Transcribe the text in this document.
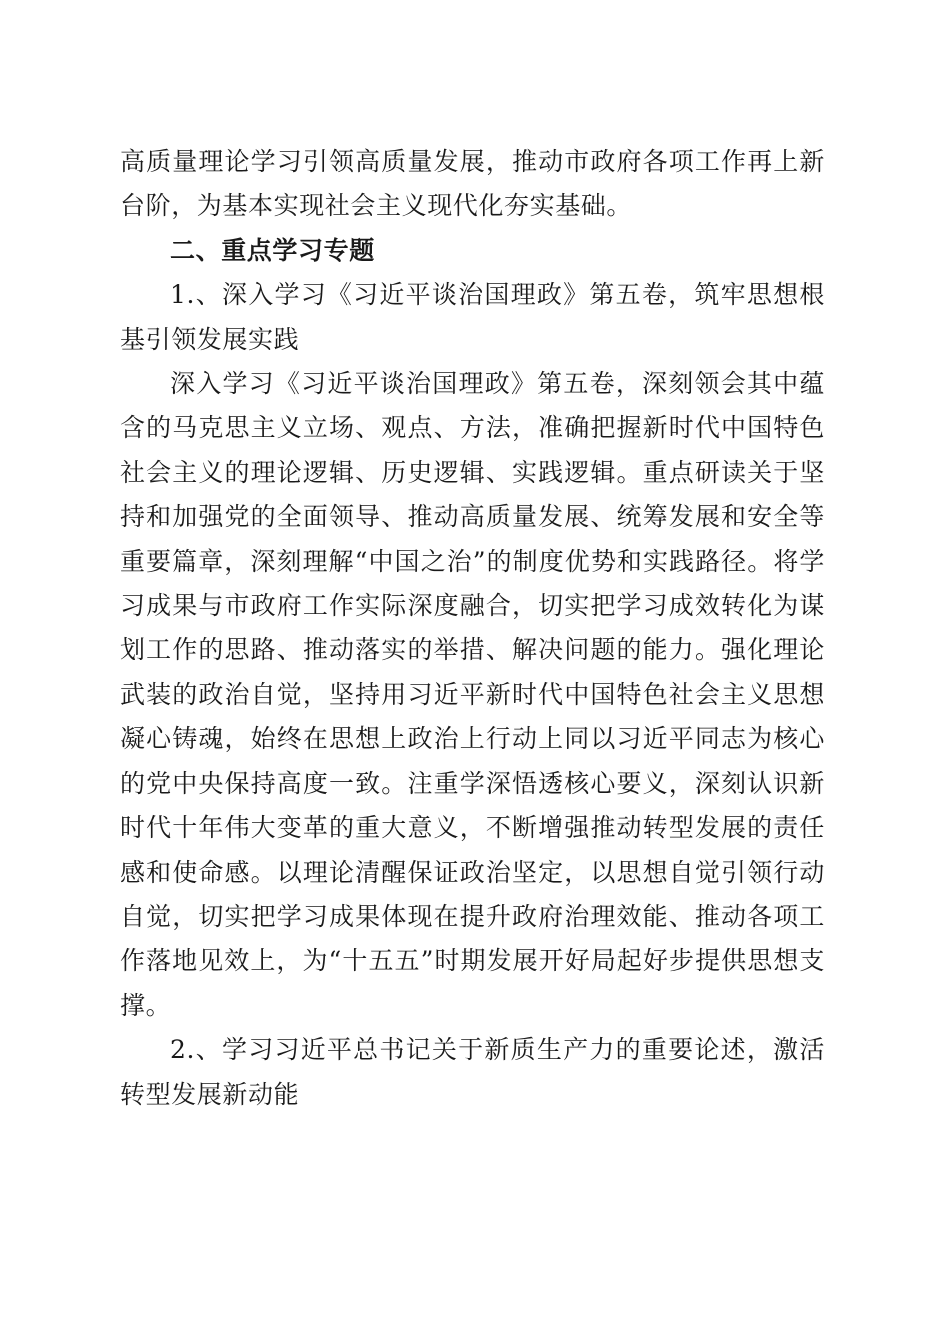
高质量理论学习引领高质量发展，推动市政府各项工作再上新台阶，为基本实现社会主义现代化夯实基础。

二、重点学习专题

1.、深入学习《习近平谈治国理政》第五卷，筑牢思想根基引领发展实践

深入学习《习近平谈治国理政》第五卷，深刻领会其中蕴含的马克思主义立场、观点、方法，准确把握新时代中国特色社会主义的理论逻辑、历史逻辑、实践逻辑。重点研读关于坚持和加强党的全面领导、推动高质量发展、统筹发展和安全等重要篇章，深刻理解“中国之治”的制度优势和实践路径。将学习成果与市政府工作实际深度融合，切实把学习成效转化为谋划工作的思路、推动落实的举措、解决问题的能力。强化理论武装的政治自觉，坚持用习近平新时代中国特色社会主义思想凝心铸魂，始终在思想上政治上行动上同以习近平同志为核心的党中央保持高度一致。注重学深悟透核心要义，深刻认识新时代十年伟大变革的重大意义，不断增强推动转型发展的责任感和使命感。以理论清醒保证政治坚定，以思想自觉引领行动自觉，切实把学习成果体现在提升政府治理效能、推动各项工作落地见效上，为“十五五”时期发展开好局起好步提供思想支撑。

2.、学习习近平总书记关于新质生产力的重要论述，激活转型发展新动能
